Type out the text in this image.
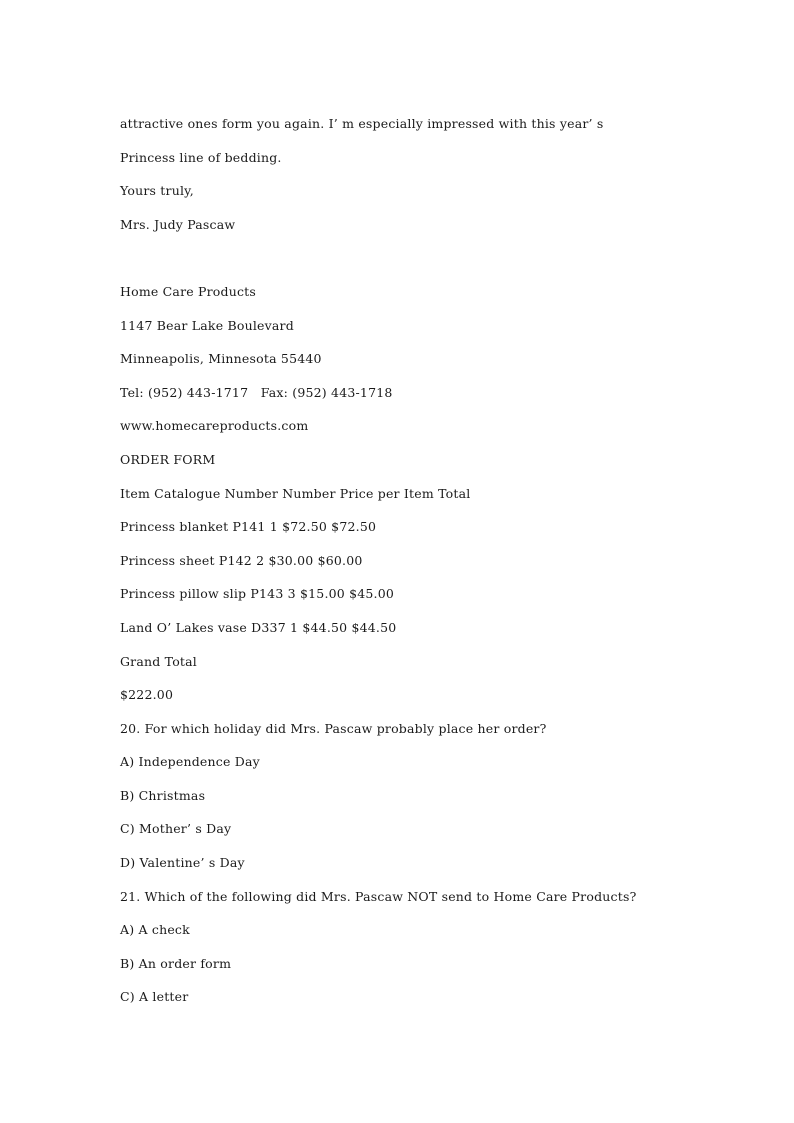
attractive ones form you again. I’ m especially impressed with this year’ s
Princess line of bedding.
Yours truly,
Mrs. Judy Pascaw
Home Care Products
1147 Bear Lake Boulevard
Minneapolis, Minnesota 55440
Tel: (952) 443-1717   Fax: (952) 443-1718
www.homecareproducts.com
ORDER FORM
Item Catalogue Number Number Price per Item Total
Princess blanket P141 1 $72.50 $72.50
Princess sheet P142 2 $30.00 $60.00
Princess pillow slip P143 3 $15.00 $45.00
Land O’ Lakes vase D337 1 $44.50 $44.50
Grand Total
$222.00
20. For which holiday did Mrs. Pascaw probably place her order?
A) Independence Day
B) Christmas
C) Mother’ s Day
D) Valentine’ s Day
21. Which of the following did Mrs. Pascaw NOT send to Home Care Products?
A) A check
B) An order form
C) A letter
